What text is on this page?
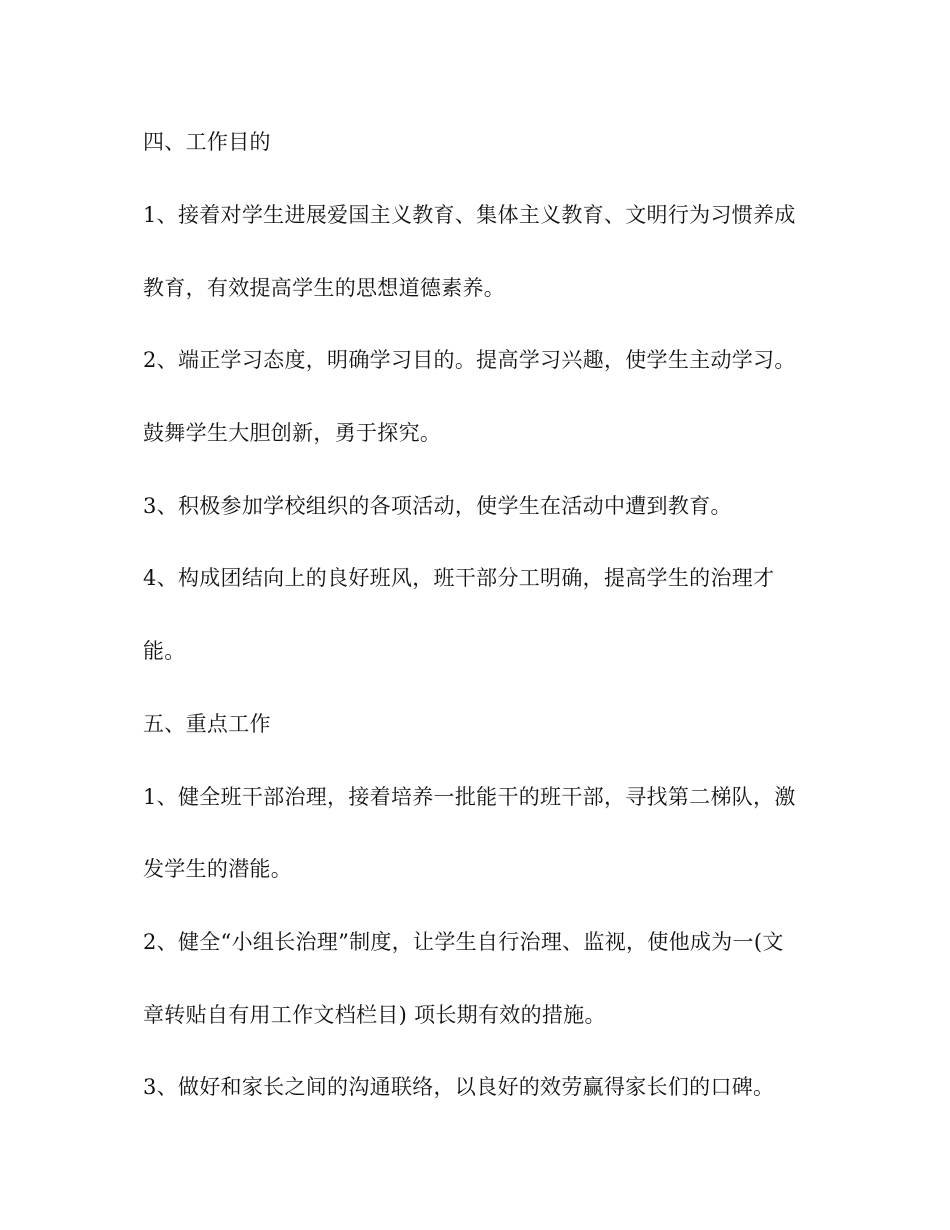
四、工作目的
1、接着对学生进展爱国主义教育、集体主义教育、文明行为习惯养成
教育，有效提高学生的思想道德素养。
2、端正学习态度，明确学习目的。提高学习兴趣，使学生主动学习。
鼓舞学生大胆创新，勇于探究。
3、积极参加学校组织的各项活动，使学生在活动中遭到教育。
4、构成团结向上的良好班风，班干部分工明确，提高学生的治理才
能。
五、重点工作
1、健全班干部治理，接着培养一批能干的班干部，寻找第二梯队，激
发学生的潜能。
2、健全“小组长治理”制度，让学生自行治理、监视，使他成为一(文
章转贴自有用工作文档栏目) 项长期有效的措施。
3、做好和家长之间的沟通联络，以良好的效劳赢得家长们的口碑。
